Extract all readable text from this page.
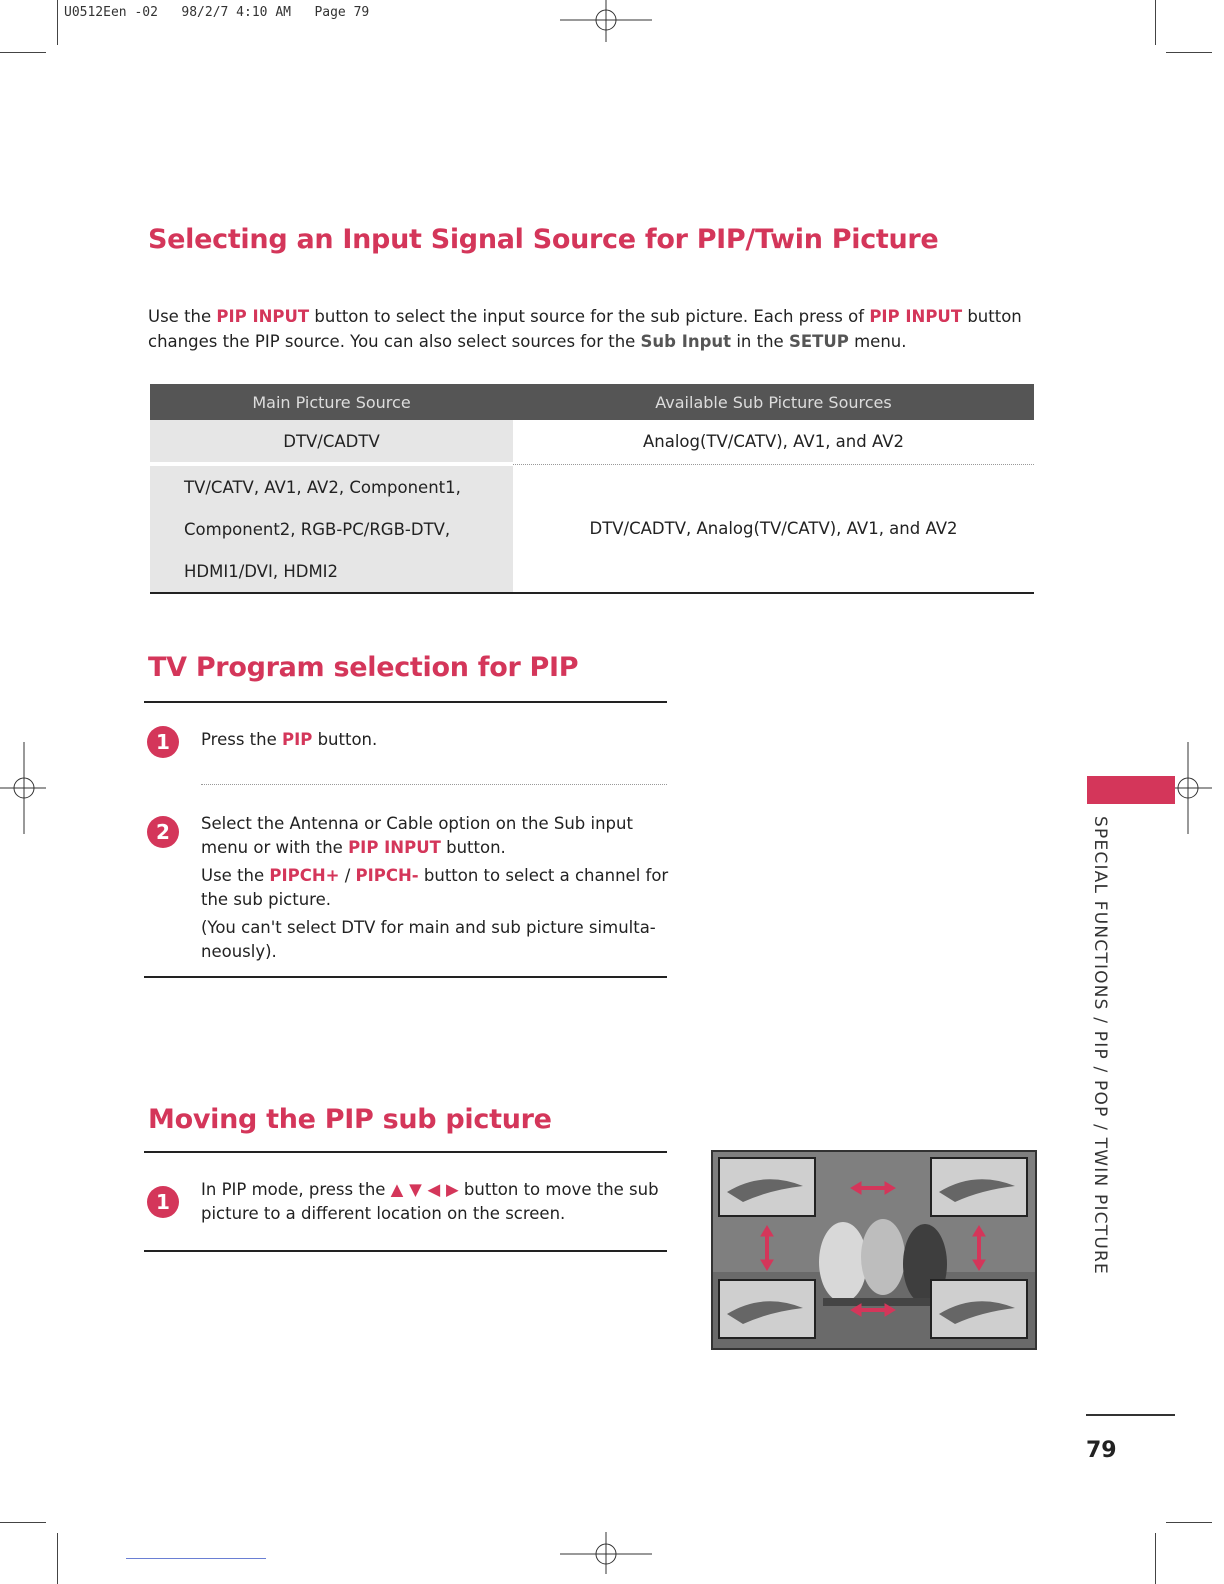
U0512Een -02   98/2/7 4:10 AM   Page 79
Selecting an Input Signal Source for PIP/Twin Picture
Use the PIP INPUT button to select the input source for the sub picture. Each press of PIP INPUT button changes the PIP source. You can also select sources for the Sub Input in the SETUP menu.
Main Picture Source	Available Sub Picture Sources
DTV/CADTV	Analog(TV/CATV), AV1, and AV2
TV/CATV, AV1, AV2, Component1,	DTV/CADTV, Analog(TV/CATV), AV1, and AV2
Component2, RGB-PC/RGB-DTV,	
HDMI1/DVI, HDMI2	
TV Program selection for PIP
1	Press the PIP button.
2	Select the Antenna or Cable option on the Sub input menu or with the PIP INPUT button.
Use the PIPCH+ / PIPCH- button to select a channel for the sub picture.
(You can't select DTV for main and sub picture simulta-neously).
Moving the PIP sub picture
1
In PIP mode, press the ▲ ▼ ◀ ▶ button to move the sub picture to a different location on the screen.	SPECIAL FUNCTIONS / PIP / POP / TWIN PICTURE
79
